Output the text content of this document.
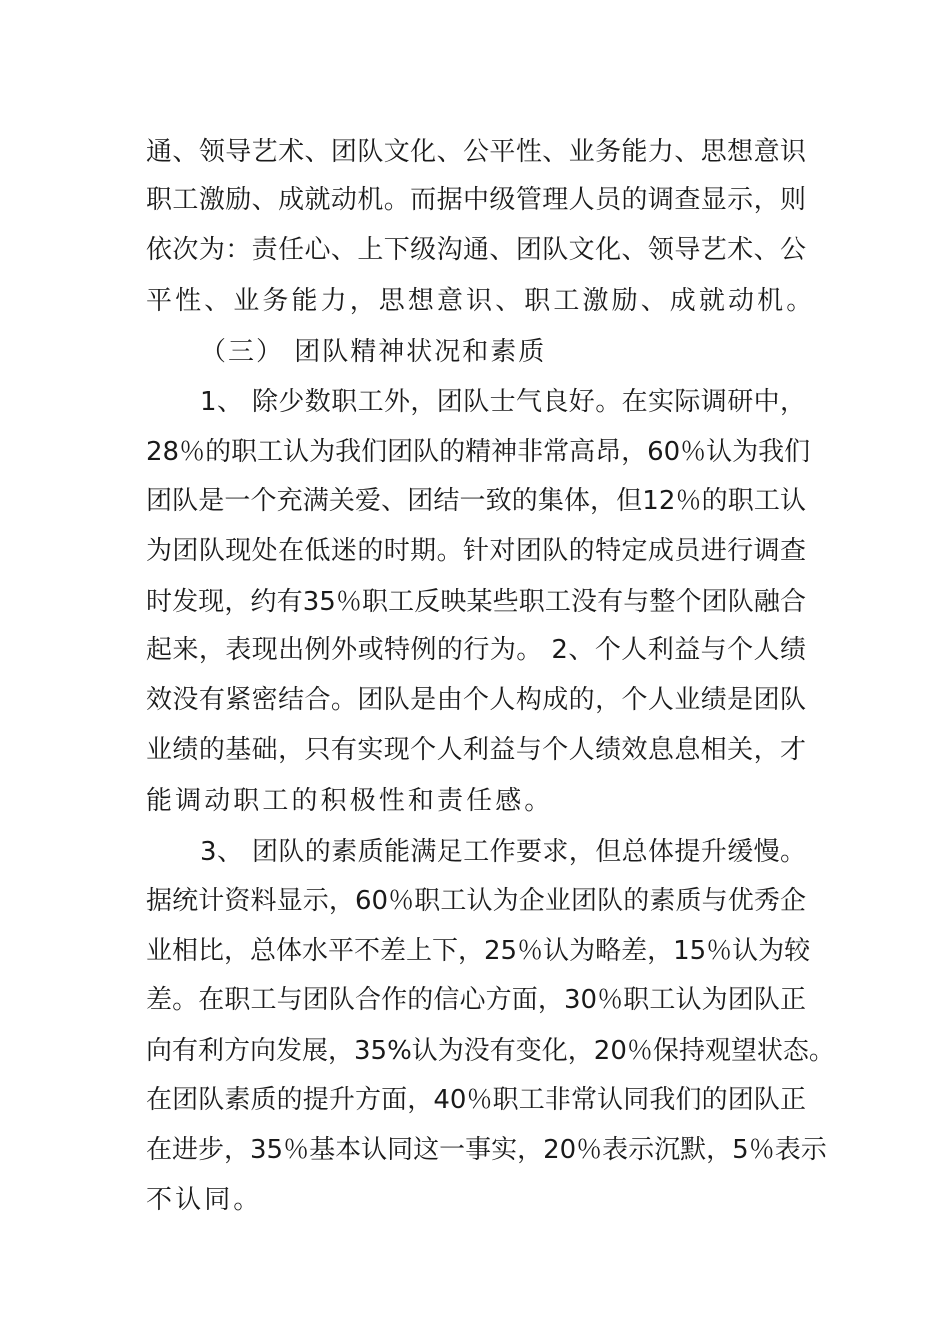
通、领导艺术、团队文化、公平性、业务能力、思想意识
职工激励、成就动机。而据中级管理人员的调查显示，则
依次为：责任心、上下级沟通、团队文化、领导艺术、公
平性、业务能力，思想意识、职工激励、成就动机。
（三） 团队精神状况和素质
1、 除少数职工外，团队士气良好。在实际调研中，
28％的职工认为我们团队的精神非常高昂，60％认为我们
团队是一个充满关爱、团结一致的集体，但12％的职工认
为团队现处在低迷的时期。针对团队的特定成员进行调查
时发现，约有35％职工反映某些职工没有与整个团队融合
起来，表现出例外或特例的行为。 2、个人利益与个人绩
效没有紧密结合。团队是由个人构成的，个人业绩是团队
业绩的基础，只有实现个人利益与个人绩效息息相关，才
能调动职工的积极性和责任感。
3、 团队的素质能满足工作要求，但总体提升缓慢。
据统计资料显示，60％职工认为企业团队的素质与优秀企
业相比，总体水平不差上下，25％认为略差，15％认为较
差。在职工与团队合作的信心方面，30％职工认为团队正
向有利方向发展，35%认为没有变化，20％保持观望状态。
在团队素质的提升方面，40％职工非常认同我们的团队正
在进步，35％基本认同这一事实，20％表示沉默，5％表示
不认同。
